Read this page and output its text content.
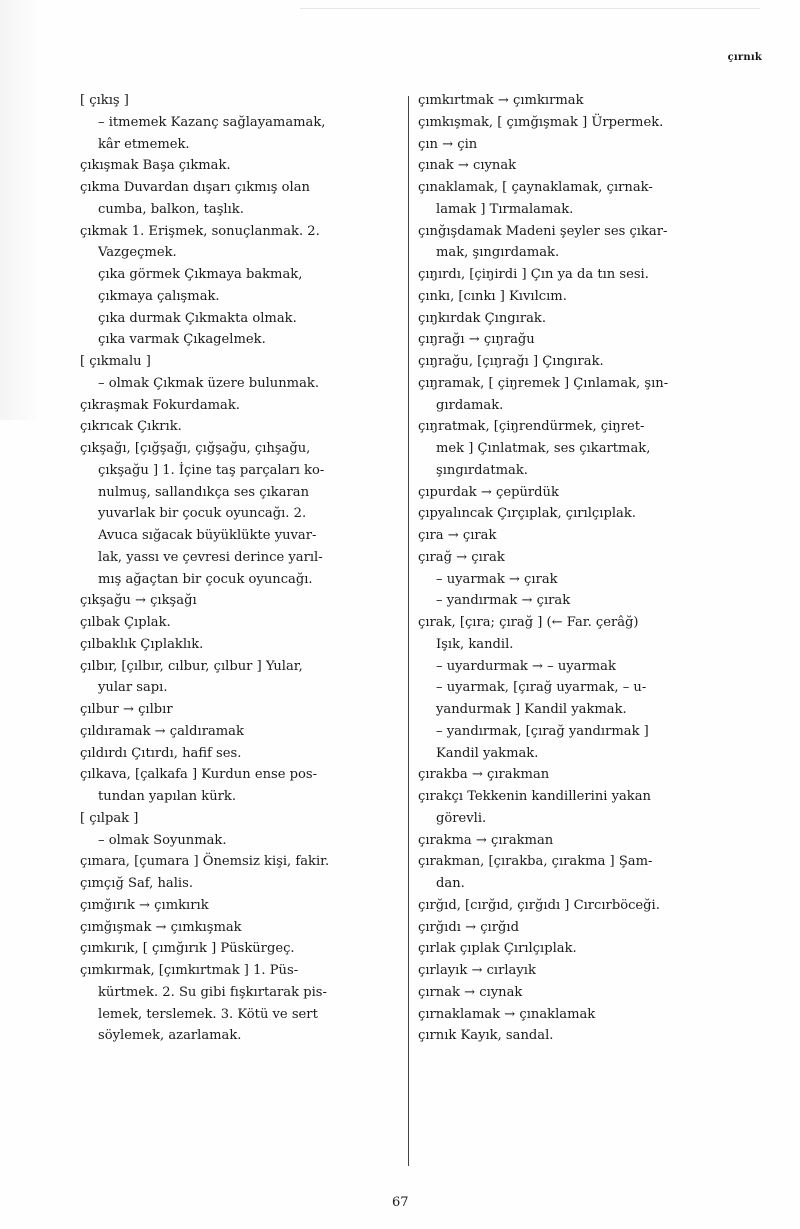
çırnık
[ çıkış ]
– itmemek Kazanç sağlayamamak,
kâr etmemek.
çıkışmak Başa çıkmak.
çıkma Duvardan dışarı çıkmış olan
cumba, balkon, taşlık.
çıkmak 1. Erişmek, sonuçlanmak. 2.
Vazgeçmek.
çıka görmek Çıkmaya bakmak,
çıkmaya çalışmak.
çıka durmak Çıkmakta olmak.
çıka varmak Çıkagelmek.
[ çıkmalu ]
– olmak Çıkmak üzere bulunmak.
çıkraşmak Fokurdamak.
çıkrıcak Çıkrık.
çıkşağı, [çığşağı, çığşağu, çıhşağu,
çıkşağu ] 1. İçine taş parçaları ko-
nulmuş, sallandıkça ses çıkaran
yuvarlak bir çocuk oyuncağı. 2.
Avuca sığacak büyüklükte yuvar-
lak, yassı ve çevresi derince yarıl-
mış ağaçtan bir çocuk oyuncağı.
çıkşağu → çıkşağı
çılbak Çıplak.
çılbaklık Çıplaklık.
çılbır, [çılbır, cılbur, çılbur ] Yular,
yular sapı.
çılbur → çılbır
çıldıramak → çaldıramak
çıldırdı Çıtırdı, hafif ses.
çılkava, [çalkafa ] Kurdun ense pos-
tundan yapılan kürk.
[ çılpak ]
– olmak Soyunmak.
çımara, [çumara ] Önemsiz kişi, fakir.
çımçığ Saf, halis.
çımğırık → çımkırık
çımğışmak → çımkışmak
çımkırık, [ çımğırık ] Püskürgeç.
çımkırmak, [çımkırtmak ] 1. Püs-
kürtmek. 2. Su gibi fışkırtarak pis-
lemek, terslemek. 3. Kötü ve sert
söylemek, azarlamak.
çımkırtmak → çımkırmak
çımkışmak, [ çımğışmak ] Ürpermek.
çın → çin
çınak → cıynak
çınaklamak, [ çaynaklamak, çırnak-
lamak ] Tırmalamak.
çınğışdamak Madeni şeyler ses çıkar-
mak, şıngırdamak.
çıŋırdı, [çiŋirdi ] Çın ya da tın sesi.
çınkı, [cınkı ] Kıvılcım.
çıŋkırdak Çıngırak.
çıŋrağı → çıŋrağu
çıŋrağu, [çıŋrağı ] Çıngırak.
çıŋramak, [ çiŋremek ] Çınlamak, şın-
gırdamak.
çıŋratmak, [çiŋrendürmek, çiŋret-
mek ] Çınlatmak, ses çıkartmak,
şıngırdatmak.
çıpurdak → çepürdük
çıpyalıncak Çırçıplak, çırılçıplak.
çıra → çırak
çırağ → çırak
– uyarmak → çırak
– yandırmak → çırak
çırak, [çıra; çırağ ] (← Far. çerâğ)
Işık, kandil.
– uyardurmak → – uyarmak
– uyarmak, [çırağ uyarmak, – u-
yandurmak ] Kandil yakmak.
– yandırmak, [çırağ yandırmak ]
Kandil yakmak.
çırakba → çırakman
çırakçı Tekkenin kandillerini yakan
görevli.
çırakma → çırakman
çırakman, [çırakba, çırakma ] Şam-
dan.
çırğıd, [cırğıd, çırğıdı ] Cırcırböceği.
çırğıdı → çırğıd
çırlak çıplak Çırılçıplak.
çırlayık → cırlayık
çırnak → cıynak
çırnaklamak → çınaklamak
çırnık Kayık, sandal.
67
